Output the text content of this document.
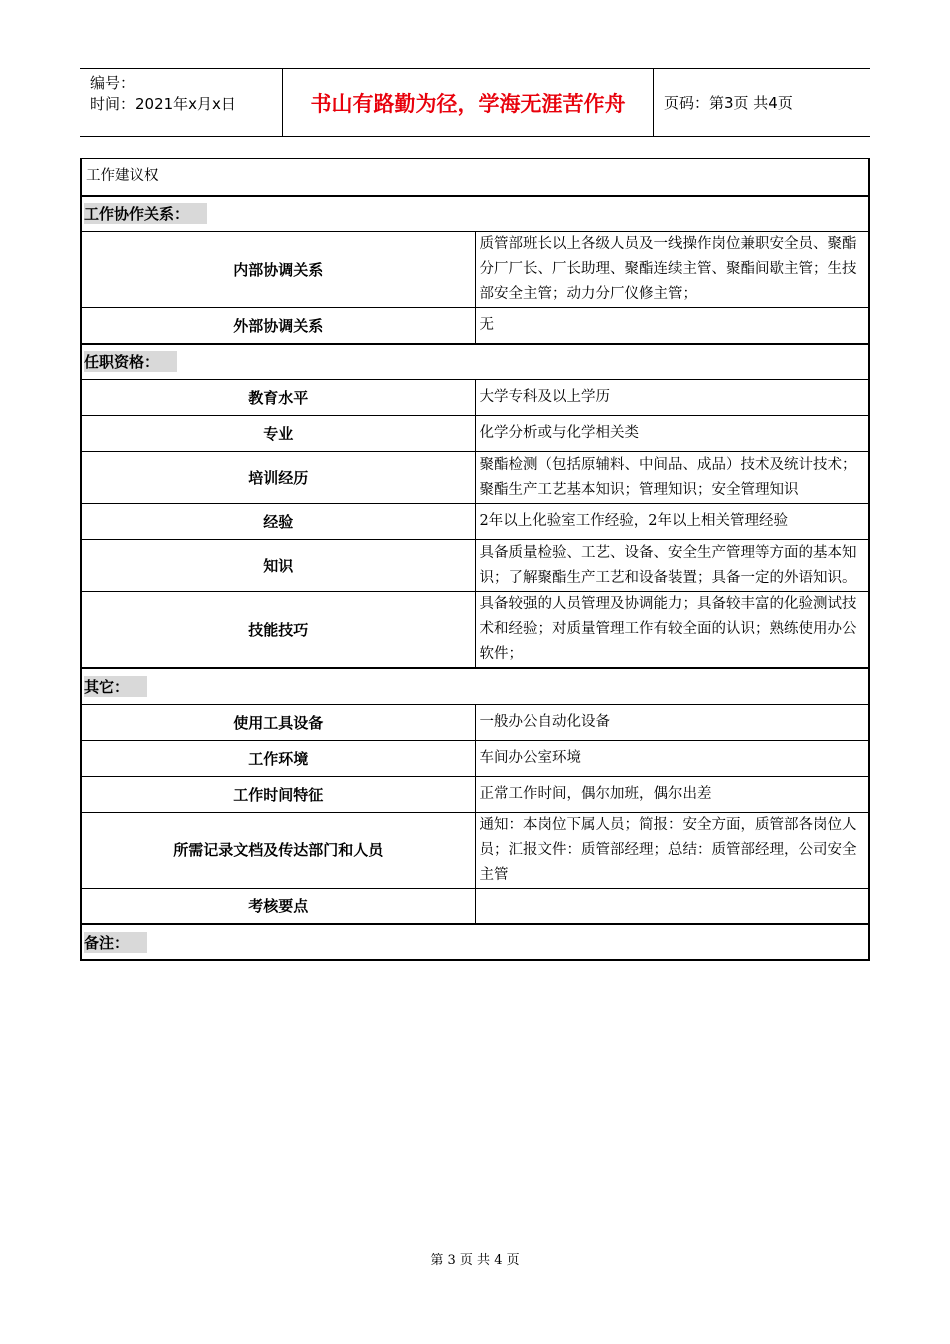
编号：
时间：2021年x月x日	书山有路勤为径，学海无涯苦作舟	页码：第3页 共4页
工作建议权	
工作协作关系：	
内部协调关系	质管部班长以上各级人员及一线操作岗位兼职安全员、聚酯分厂厂长、厂长助理、聚酯连续主管、聚酯间歇主管；生技部安全主管；动力分厂仪修主管；
外部协调关系	无
任职资格：	
教育水平	大学专科及以上学历
专业	化学分析或与化学相关类
培训经历	聚酯检测（包括原辅料、中间品、成品）技术及统计技术；聚酯生产工艺基本知识；管理知识；安全管理知识
经验	2年以上化验室工作经验，2年以上相关管理经验
知识	具备质量检验、工艺、设备、安全生产管理等方面的基本知识；了解聚酯生产工艺和设备装置；具备一定的外语知识。
技能技巧	具备较强的人员管理及协调能力；具备较丰富的化验测试技术和经验；对质量管理工作有较全面的认识；熟练使用办公软件；
其它：	
使用工具设备	一般办公自动化设备
工作环境	车间办公室环境
工作时间特征	正常工作时间，偶尔加班，偶尔出差
所需记录文档及传达部门和人员	通知：本岗位下属人员；简报：安全方面，质管部各岗位人员；汇报文件：质管部经理；总结：质管部经理，公司安全主管
考核要点	
备注：	
第 3 页 共 4 页
